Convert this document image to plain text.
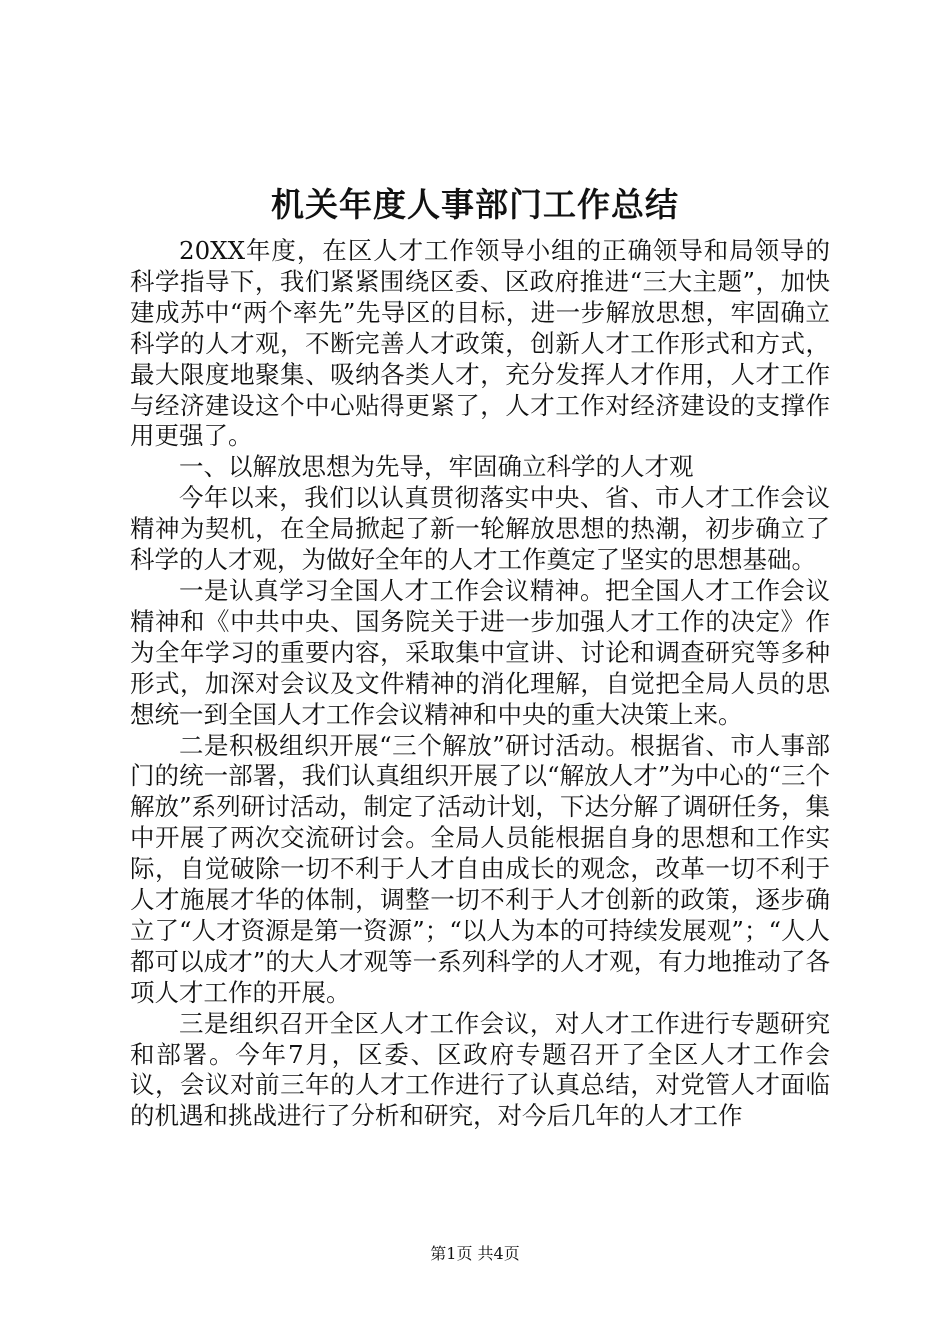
机关年度人事部门工作总结

20XX年度，在区人才工作领导小组的正确领导和局领导的科学指导下，我们紧紧围绕区委、区政府推进“三大主题”，加快建成苏中“两个率先”先导区的目标，进一步解放思想，牢固确立科学的人才观，不断完善人才政策，创新人才工作形式和方式，最大限度地聚集、吸纳各类人才，充分发挥人才作用，人才工作与经济建设这个中心贴得更紧了，人才工作对经济建设的支撑作用更强了。

一、以解放思想为先导，牢固确立科学的人才观

今年以来，我们以认真贯彻落实中央、省、市人才工作会议精神为契机，在全局掀起了新一轮解放思想的热潮，初步确立了科学的人才观，为做好全年的人才工作奠定了坚实的思想基础。

一是认真学习全国人才工作会议精神。把全国人才工作会议精神和《中共中央、国务院关于进一步加强人才工作的决定》作为全年学习的重要内容，采取集中宣讲、讨论和调查研究等多种形式，加深对会议及文件精神的消化理解，自觉把全局人员的思想统一到全国人才工作会议精神和中央的重大决策上来。

二是积极组织开展“三个解放”研讨活动。根据省、市人事部门的统一部署，我们认真组织开展了以“解放人才”为中心的“三个解放”系列研讨活动，制定了活动计划，下达分解了调研任务，集中开展了两次交流研讨会。全局人员能根据自身的思想和工作实际，自觉破除一切不利于人才自由成长的观念，改革一切不利于人才施展才华的体制，调整一切不利于人才创新的政策，逐步确立了“人才资源是第一资源”；“以人为本的可持续发展观”；“人人都可以成才”的大人才观等一系列科学的人才观，有力地推动了各项人才工作的开展。

三是组织召开全区人才工作会议，对人才工作进行专题研究和部署。今年7月，区委、区政府专题召开了全区人才工作会议，会议对前三年的人才工作进行了认真总结，对党管人才面临的机遇和挑战进行了分析和研究，对今后几年的人才工作

第1页 共4页
